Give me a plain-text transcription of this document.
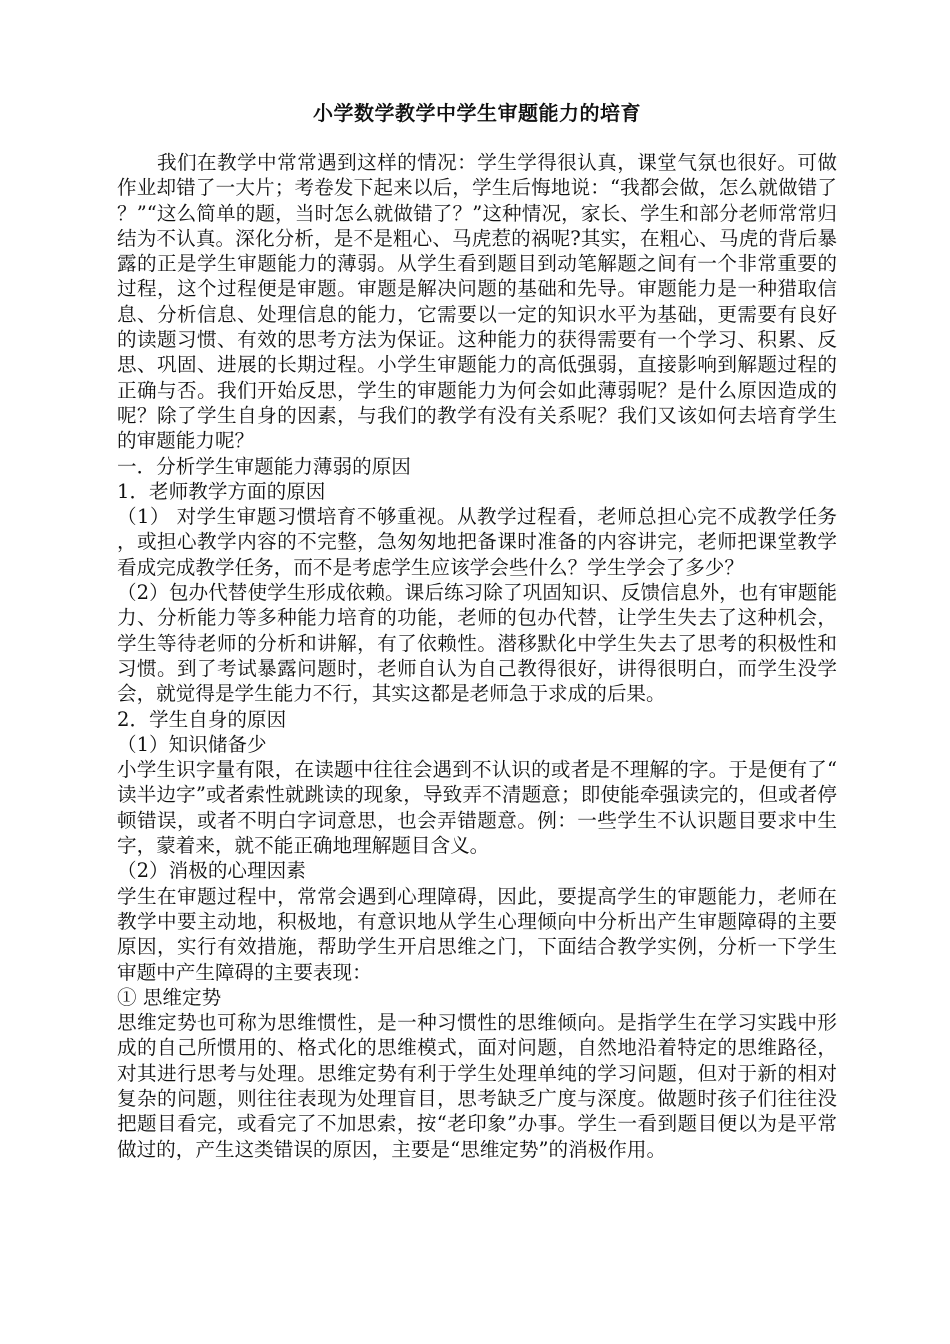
小学数学教学中学生审题能力的培育

我们在教学中常常遇到这样的情况：学生学得很认真，课堂气氛也很好。可做作业却错了一大片；考卷发下起来以后，学生后悔地说：“我都会做，怎么就做错了？”“这么简单的题，当时怎么就做错了？”这种情况，家长、学生和部分老师常常归结为不认真。深化分析，是不是粗心、马虎惹的祸呢?其实，在粗心、马虎的背后暴露的正是学生审题能力的薄弱。从学生看到题目到动笔解题之间有一个非常重要的过程，这个过程便是审题。审题是解决问题的基础和先导。审题能力是一种猎取信息、分析信息、处理信息的能力，它需要以一定的知识水平为基础，更需要有良好的读题习惯、有效的思考方法为保证。这种能力的获得需要有一个学习、积累、反思、巩固、进展的长期过程。小学生审题能力的高低强弱，直接影响到解题过程的正确与否。我们开始反思，学生的审题能力为何会如此薄弱呢？是什么原因造成的呢？除了学生自身的因素，与我们的教学有没有关系呢？我们又该如何去培育学生的审题能力呢？

一．分析学生审题能力薄弱的原因

1．老师教学方面的原因

（1） 对学生审题习惯培育不够重视。从教学过程看，老师总担心完不成教学任务，或担心教学内容的不完整，急匆匆地把备课时准备的内容讲完，老师把课堂教学看成完成教学任务，而不是考虑学生应该学会些什么？学生学会了多少？

（2）包办代替使学生形成依赖。课后练习除了巩固知识、反馈信息外，也有审题能力、分析能力等多种能力培育的功能，老师的包办代替，让学生失去了这种机会，学生等待老师的分析和讲解，有了依赖性。潜移默化中学生失去了思考的积极性和习惯。到了考试暴露问题时，老师自认为自己教得很好，讲得很明白，而学生没学会，就觉得是学生能力不行，其实这都是老师急于求成的后果。

2．学生自身的原因

（1）知识储备少

小学生识字量有限，在读题中往往会遇到不认识的或者是不理解的字。于是便有了“读半边字”或者索性就跳读的现象，导致弄不清题意；即使能牵强读完的，但或者停顿错误，或者不明白字词意思，也会弄错题意。例：一些学生不认识题目要求中生字，蒙着来，就不能正确地理解题目含义。

（2）消极的心理因素

学生在审题过程中，常常会遇到心理障碍，因此，要提高学生的审题能力，老师在教学中要主动地，积极地，有意识地从学生心理倾向中分析出产生审题障碍的主要原因，实行有效措施，帮助学生开启思维之门，下面结合教学实例，分析一下学生审题中产生障碍的主要表现：

① 思维定势

思维定势也可称为思维惯性，是一种习惯性的思维倾向。是指学生在学习实践中形成的自己所惯用的、格式化的思维模式，面对问题，自然地沿着特定的思维路径，对其进行思考与处理。思维定势有利于学生处理单纯的学习问题，但对于新的相对复杂的问题，则往往表现为处理盲目，思考缺乏广度与深度。做题时孩子们往往没把题目看完，或看完了不加思索，按“老印象”办事。学生一看到题目便以为是平常做过的，产生这类错误的原因，主要是“思维定势”的消极作用。
